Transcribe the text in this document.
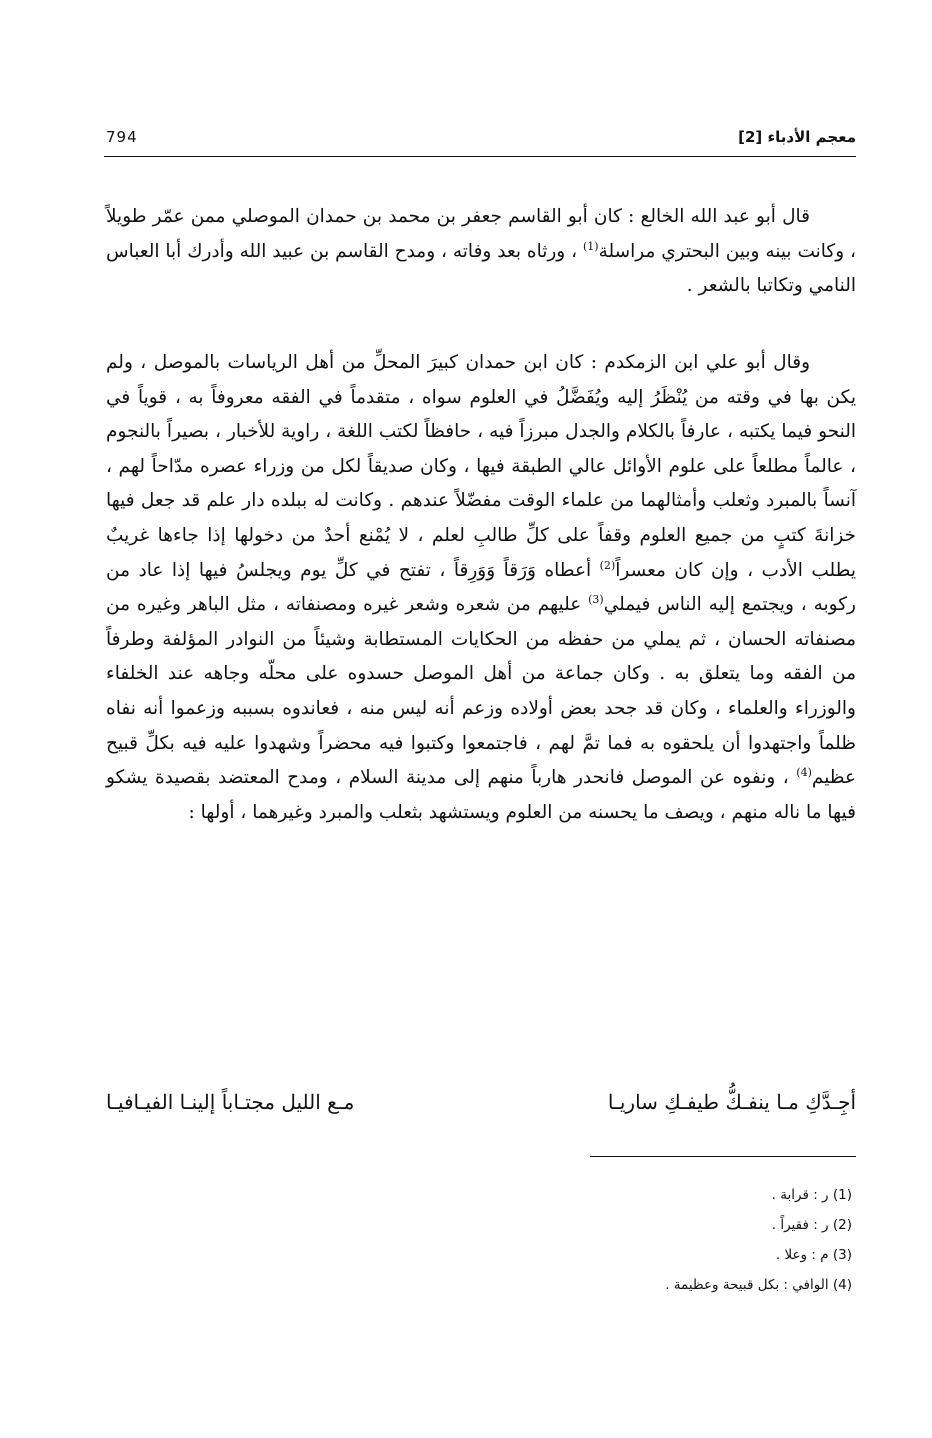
معجم الأدباء [2]
794

قال أبو عبد الله الخالع : كان أبو القاسم جعفر بن محمد بن حمدان الموصلي ممن عمّر طويلاً ، وكانت بينه وبين البحتري مراسلة$^{(1)}$ ، ورثاه بعد وفاته ، ومدح القاسم بن عبيد الله وأدرك أبا العباس النامي وتكاتبا بالشعر .

وقال أبو علي ابن الزمكدم : كان ابن حمدان كبيرَ المحلِّ من أهل الرياسات بالموصل ، ولم يكن بها في وقته من يُنْظَرُ إليه ويُفَضَّلُ في العلوم سواه ، متقدماً في الفقه معروفاً به ، قوياً في النحو فيما يكتبه ، عارفاً بالكلام والجدل مبرزاً فيه ، حافظاً لكتب اللغة ، راوية للأخبار ، بصيراً بالنجوم ، عالماً مطلعاً على علوم الأوائل عالي الطبقة فيها ، وكان صديقاً لكل من وزراء عصره مدّاحاً لهم ، آنساً بالمبرد وثعلب وأمثالهما من علماء الوقت مفضّلاً عندهم . وكانت له ببلده دار علم قد جعل فيها خزانةَ كتبٍ من جميع العلوم وقفاً على كلِّ طالبِ لعلم ، لا يُمْنع أحدٌ من دخولها إذا جاءها غريبٌ يطلب الأدب ، وإن كان معسراً$^{(2)}$ أعطاه وَرَقاً وَوَرِقاً ، تفتح في كلِّ يوم ويجلسُ فيها إذا عاد من ركوبه ، ويجتمع إليه الناس فيملي$^{(3)}$ عليهم من شعره وشعر غيره ومصنفاته ، مثل الباهر وغيره من مصنفاته الحسان ، ثم يملي من حفظه من الحكايات المستطابة وشيئاً من النوادر المؤلفة وطرفاً من الفقه وما يتعلق به . وكان جماعة من أهل الموصل حسدوه على محلّه وجاهه عند الخلفاء والوزراء والعلماء ، وكان قد جحد بعض أولاده وزعم أنه ليس منه ، فعاندوه بسببه وزعموا أنه نفاه ظلماً واجتهدوا أن يلحقوه به فما تمَّ لهم ، فاجتمعوا وكتبوا فيه محضراً وشهدوا عليه فيه بكلِّ قبيح عظيم$^{(4)}$ ، ونفوه عن الموصل فانحدر هارباً منهم إلى مدينة السلام ، ومدح المعتضد بقصيدة يشكو فيها ما ناله منهم ، ويصف ما يحسنه من العلوم ويستشهد بثعلب والمبرد وغيرهما ، أولها :

أجِـدَّكِ مـا ينفـكُّ طيفـكِ ساريـا
مـع الليل مجتـاباً إلينـا الفيـافيـا
(1) ر : قرابة .
(2) ر : فقيراً .
(3) م : وعلا .
(4) الوافي : بكل قبيحة وعظيمة .
